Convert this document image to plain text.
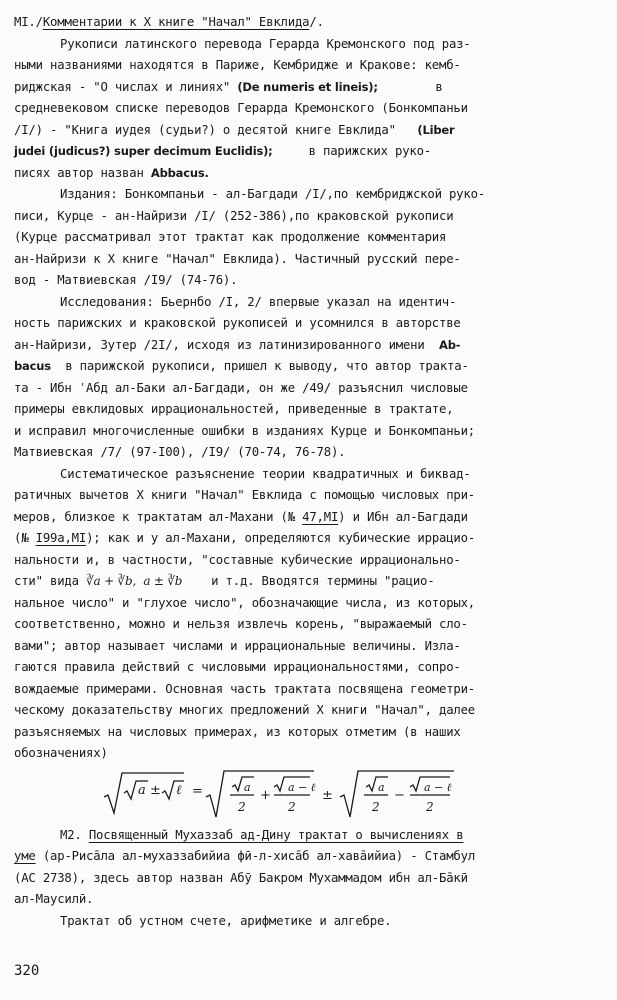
MI./Комментарии к X книге "Начал" Евклида/.
Рукописи латинского перевода Герарда Кремонского под раз-
ными названиями находятся в Париже, Кембридже и Кракове: кемб-
риджская - "О числах и линиях" (De numeris et lineis);	в
средневековом списке переводов Герарда Кремонского (Бонкомпаньи
/I/) - "Книга иудея (судьи?) о десятой книге Евклида" (Liber
judei (judicus?) super decimum Euclidis);	в парижских руко-
писях автор назван Abbacus.
Издания: Бонкомпаньи - ал-Багдади /I/,по кембриджской руко-
писи, Курце - ан-Найризи /I/ (252-386),по краковской рукописи
(Курце рассматривал этот трактат как продолжение комментария
ан-Найризи к X книге "Начал" Евклида). Частичный русский пере-
вод - Матвиевская /I9/ (74-76).
Исследования: Бьернбо /I, 2/ впервые указал на идентич-
ность парижских и краковской рукописей и усомнился в авторстве
ан-Найризи, Зутер /2I/, исходя из латинизированного имени Ab-
bacus в парижской рукописи, пришел к выводу, что автор тракта-
та - Ибн ʿАбд ал-Баки ал-Багдади, он же /49/ разъяснил числовые
примеры евклидовых иррациональностей, приведенные в трактате,
и исправил многочисленные ошибки в изданиях Курце и Бонкомпаньи;
Матвиевская /7/ (97-I00), /I9/ (70-74, 76-78).
Систематическое разъяснение теории квадратичных и биквад-
ратичных вычетов X книги "Начал" Евклида с помощью числовых при-
меров, близкое к трактатам ал-Махани (№ 47,MI) и Ибн ал-Багдади
(№ I99a,MI); как и у ал-Махани, определяются кубические иррацио-
нальности и, в частности, "составные кубические иррационально-
сти" вида ∛a + ∛b,  a ± ∛b и т.д. Вводятся термины "рацио-
нальное число" и "глухое число", обозначающие числа, из которых,
соответственно, можно и нельзя извлечь корень, "выражаемый сло-
вами"; автор называет числами и иррациональные величины. Изла-
гаются правила действий с числовыми иррациональностями, сопро-
вождаемые примерами. Основная часть трактата посвящена геометри-
ческому доказательству многих предложений X книги "Начал", далее
разъясняемых на числовых примерах, из которых отметим (в наших
обозначениях)
a ± ℓ =	a
2
+
a − ℓ
2
±
a
2
−
a − ℓ
2
M2. Посвященный Мухаззаб ад-Дину трактат о вычислениях в
уме (ар-Рисāла ал-мухаззабийиа фӣ-л-хисāб ал-хавāийиа) - Стамбул
(АС 2738), здесь автор назван Абӯ Бакром Мухаммадом ибн ал-Бāкӣ
ал-Маусилӣ.
Трактат об устном счете, арифметике и алгебре.
320
